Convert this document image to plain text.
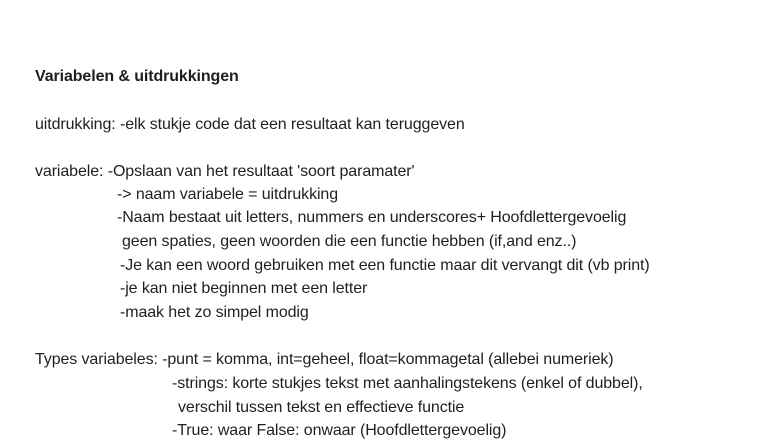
Variabelen & uitdrukkingen
uitdrukking: -elk stukje code dat een resultaat kan teruggeven
variabele: -Opslaan van het resultaat 'soort paramater'
-> naam variabele = uitdrukking
-Naam bestaat uit letters, nummers en underscores+ Hoofdlettergevoelig
geen spaties, geen woorden die een functie hebben (if,and enz..)
-Je kan een woord gebruiken met een functie maar dit vervangt dit (vb print)
-je kan niet beginnen met een letter
-maak het zo simpel modig
Types variabeles: -punt = komma, int=geheel, float=kommagetal (allebei numeriek)
-strings: korte stukjes tekst met aanhalingstekens (enkel of dubbel),
verschil tussen tekst en effectieve functie
-True: waar False: onwaar (Hoofdlettergevoelig)
